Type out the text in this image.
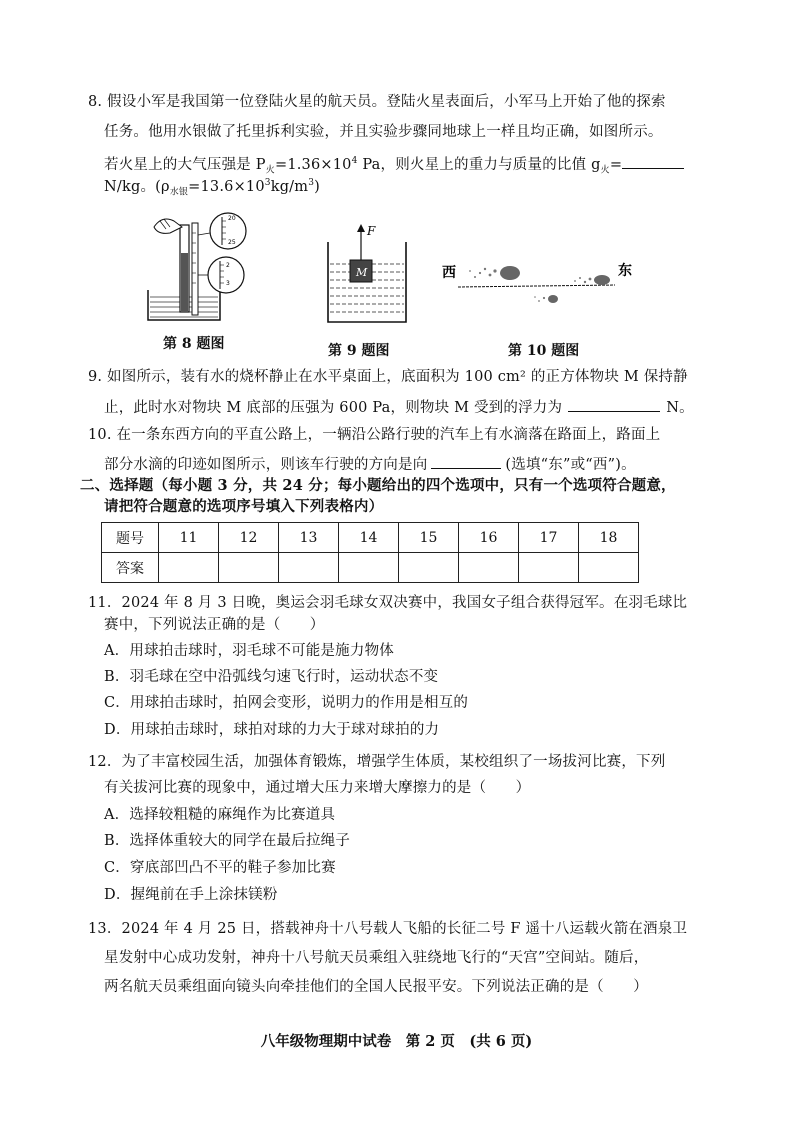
8. 假设小军是我国第一位登陆火星的航天员。登陆火星表面后，小军马上开始了他的探索
任务。他用水银做了托里拆利实验，并且实验步骤同地球上一样且均正确，如图所示。
若火星上的大气压强是 $P_火=1.36\times 10^4$ Pa，则火星上的重力与质量的比值 $g_火=$
N/kg。$(\rho_{水银}=13.6\times 10^3kg/m^3)$
20
25
2
3
M
F
西	东
第 8 题图	第 9 题图	第 10 题图
9. 如图所示，装有水的烧杯静止在水平桌面上，底面积为 100 cm² 的正方体物块 M 保持静
止，此时水对物块 M 底部的压强为 600 Pa，则物块 M 受到的浮力为	N。
10. 在一条东西方向的平直公路上，一辆沿公路行驶的汽车上有水滴落在路面上，路面上
部分水滴的印迹如图所示，则该车行驶的方向是向	(选填“东”或“西”)。
二、选择题（每小题 3 分，共 24 分；每小题给出的四个选项中，只有一个选项符合题意，
请把符合题意的选项序号填入下列表格内）
题号	11	12	13	14	15	16	17	18
答案								
11．2024 年 8 月 3 日晚，奥运会羽毛球女双决赛中，我国女子组合获得冠军。在羽毛球比
赛中，下列说法正确的是（　　）
A．用球拍击球时，羽毛球不可能是施力物体
B．羽毛球在空中沿弧线匀速飞行时，运动状态不变
C．用球拍击球时，拍网会变形，说明力的作用是相互的
D．用球拍击球时，球拍对球的力大于球对球拍的力
12．为了丰富校园生活，加强体育锻炼，增强学生体质，某校组织了一场拔河比赛，下列
有关拔河比赛的现象中，通过增大压力来增大摩擦力的是（　　）
A．选择较粗糙的麻绳作为比赛道具
B．选择体重较大的同学在最后拉绳子
C．穿底部凹凸不平的鞋子参加比赛
D．握绳前在手上涂抹镁粉
13．2024 年 4 月 25 日，搭载神舟十八号载人飞船的长征二号 F 遥十八运载火箭在酒泉卫
星发射中心成功发射，神舟十八号航天员乘组入驻绕地飞行的“天宫”空间站。随后，
两名航天员乘组面向镜头向牵挂他们的全国人民报平安。下列说法正确的是（　　）
八年级物理期中试卷　第 2 页　(共 6 页)
